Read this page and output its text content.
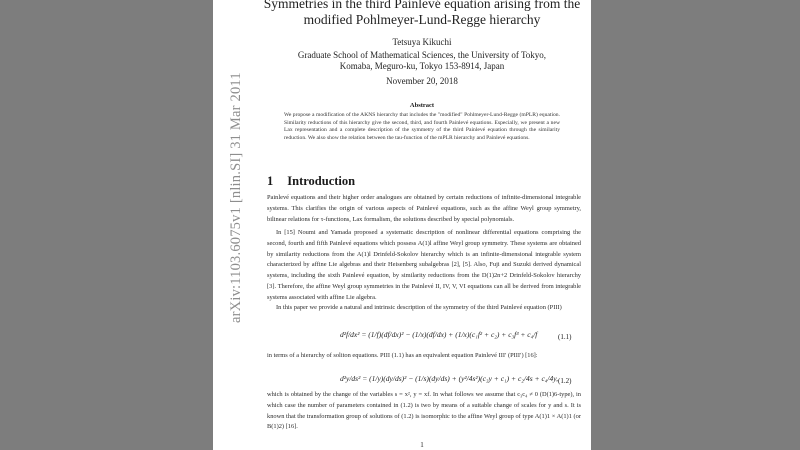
arXiv:1103.6075v1 [nlin.SI] 31 Mar 2011
Symmetries in the third Painlevé equation arising from the
modified Pohlmeyer-Lund-Regge hierarchy
Tetsuya Kikuchi
Graduate School of Mathematical Sciences, the University of Tokyo,
Komaba, Meguro-ku, Tokyo 153-8914, Japan
November 20, 2018
Abstract
We propose a modification of the AKNS hierarchy that includes the "modified" Pohlmeyer-Lund-Regge (mPLR) equation. Similarity reductions of this hierarchy give the second, third, and fourth Painlevé equations. Especially, we present a new Lax representation and a complete description of the symmetry of the third Painlevé equation through the similarity reduction. We also show the relation between the tau-function of the mPLR hierarchy and Painlevé equations.
1 Introduction
Painlevé equations and their higher order analogues are obtained by certain reductions of infinite-dimensional integrable systems. This clarifies the origin of various aspects of Painlevé equations, such as the affine Weyl group symmetry, bilinear relations for τ-functions, Lax formalism, the solutions described by special polynomials.
In [15] Noumi and Yamada proposed a systematic description of nonlinear differential equations comprising the second, fourth and fifth Painlevé equations which possess A(1)l affine Weyl group symmetry. These systems are obtained by similarity reductions from the A(1)l Drinfeld-Sokolov hierarchy which is an infinite-dimensional integrable system characterized by affine Lie algebras and their Heisenberg subalgebras [2], [5]. Also, Fuji and Suzuki derived dynamical systems, including the sixth Painlevé equation, by similarity reductions from the D(1)2n+2 Drinfeld-Sokolov hierarchy [3]. Therefore, the affine Weyl group symmetries in the Painlevé II, IV, V, VI equations can all be derived from integrable systems associated with affine Lie algebra.
In this paper we provide a natural and intrinsic description of the symmetry of the third Painlevé equation (PIII)
d²f/dx² = (1/f)(df/dx)² − (1/x)(df/dx) + (1/x)(c₁f² + c₂) + c₃f³ + c₄/f	(1.1)
in terms of a hierarchy of soliton equations. PIII (1.1) has an equivalent equation Painlevé III′ (PIII′) [16]:
d²y/ds² = (1/y)(dy/ds)² − (1/s)(dy/ds) + (y²/4s²)(c₃y + c₁) + c₂/4s + c₄/4y, (1.2)
which is obtained by the change of the variables s = x², y = xf. In what follows we assume that c₃c₄ ≠ 0 (D(1)6-type), in which case the number of parameters contained in (1.2) is two by means of a suitable change of scales for y and s. It is known that the transformation group of solutions of (1.2) is isomorphic to the affine Weyl group of type A(1)1 × A(1)1 (or B(1)2) [16].
1
